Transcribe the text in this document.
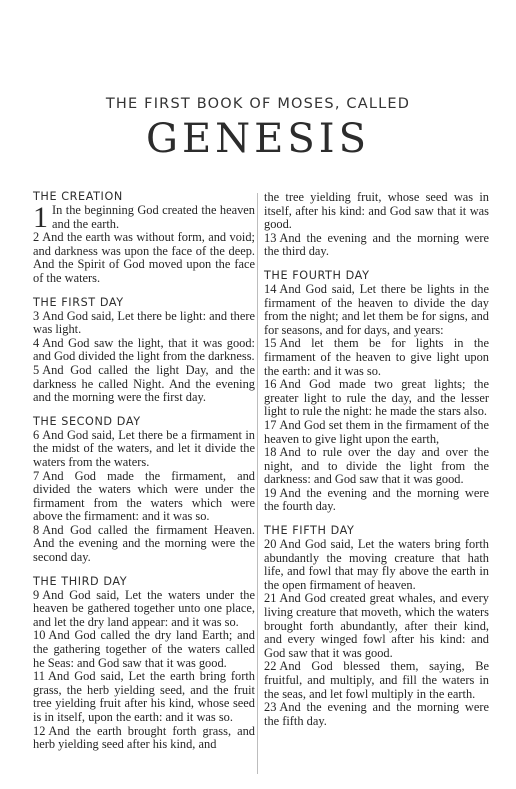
THE FIRST BOOK OF MOSES, CALLED
GENESIS
THE CREATION
1 In the beginning God created the heaven and the earth.
2 And the earth was without form, and void; and darkness was upon the face of the deep. And the Spirit of God moved upon the face of the waters.
THE FIRST DAY
3 And God said, Let there be light: and there was light.
4 And God saw the light, that it was good: and God divided the light from the darkness.
5 And God called the light Day, and the darkness he called Night. And the evening and the morning were the first day.
THE SECOND DAY
6 And God said, Let there be a firmament in the midst of the waters, and let it divide the waters from the waters.
7 And God made the firmament, and divided the waters which were under the firmament from the waters which were above the firmament: and it was so.
8 And God called the firmament Heaven. And the evening and the morning were the second day.
THE THIRD DAY
9 And God said, Let the waters under the heaven be gathered together unto one place, and let the dry land appear: and it was so.
10 And God called the dry land Earth; and the gathering together of the waters called he Seas: and God saw that it was good.
11 And God said, Let the earth bring forth grass, the herb yielding seed, and the fruit tree yielding fruit after his kind, whose seed is in itself, upon the earth: and it was so.
12 And the earth brought forth grass, and herb yielding seed after his kind, and
the tree yielding fruit, whose seed was in itself, after his kind: and God saw that it was good.
13 And the evening and the morning were the third day.
THE FOURTH DAY
14 And God said, Let there be lights in the firmament of the heaven to divide the day from the night; and let them be for signs, and for seasons, and for days, and years:
15 And let them be for lights in the firmament of the heaven to give light upon the earth: and it was so.
16 And God made two great lights; the greater light to rule the day, and the lesser light to rule the night: he made the stars also.
17 And God set them in the firmament of the heaven to give light upon the earth,
18 And to rule over the day and over the night, and to divide the light from the darkness: and God saw that it was good.
19 And the evening and the morning were the fourth day.
THE FIFTH DAY
20 And God said, Let the waters bring forth abundantly the moving creature that hath life, and fowl that may fly above the earth in the open firmament of heaven.
21 And God created great whales, and every living creature that moveth, which the waters brought forth abundantly, after their kind, and every winged fowl after his kind: and God saw that it was good.
22 And God blessed them, saying, Be fruitful, and multiply, and fill the waters in the seas, and let fowl multiply in the earth.
23 And the evening and the morning were the fifth day.
